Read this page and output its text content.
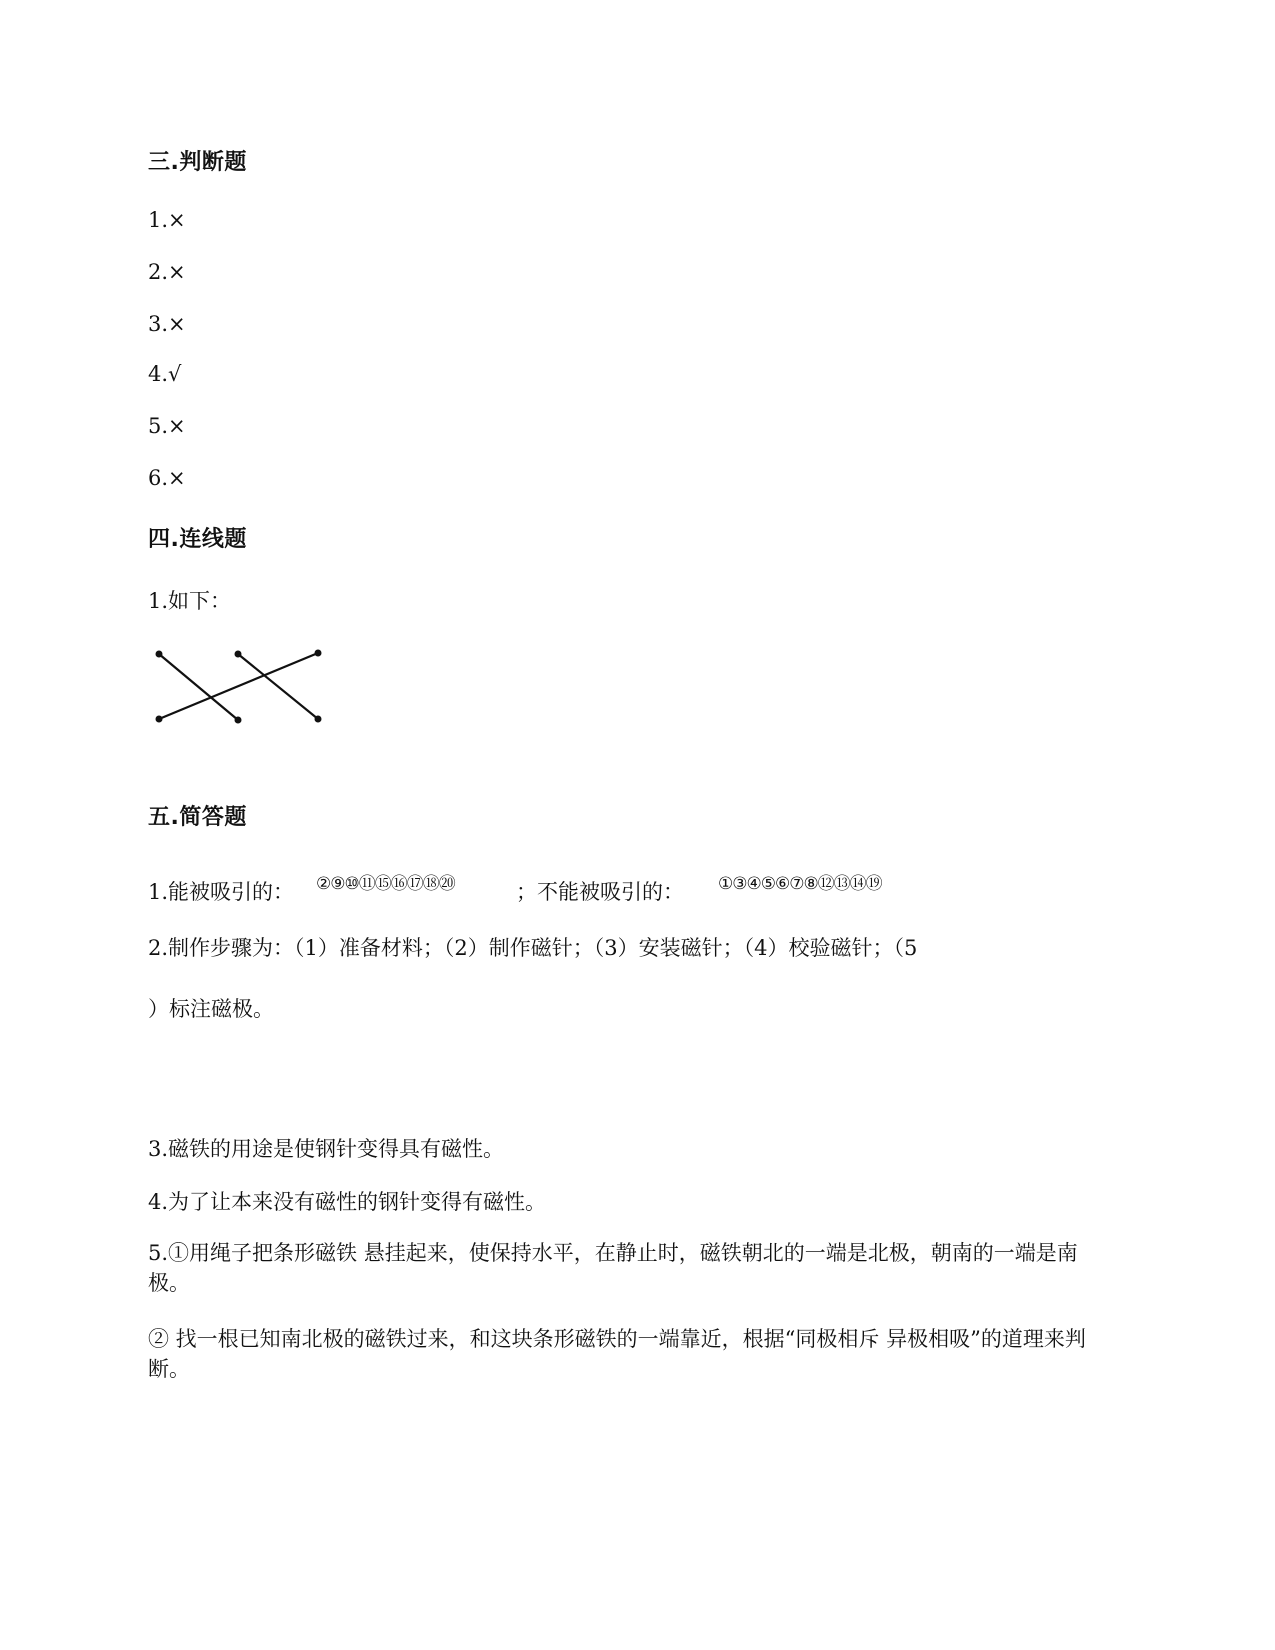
三.判断题
1.×
2.×
3.×
4.√
5.×
6.×
四.连线题
1.如下：
五.简答题
1.能被吸引的： ②⑨⑩⑪⑮⑯⑰⑱⑳	；不能被吸引的： ①③④⑤⑥⑦⑧⑫⑬⑭⑲
2.制作步骤为：（1）准备材料；（2）制作磁针；（3）安装磁针；（4）校验磁针；（5
）标注磁极。
3.磁铁的用途是使钢针变得具有磁性。
4.为了让本来没有磁性的钢针变得有磁性。
5.①用绳子把条形磁铁 悬挂起来，使保持水平，在静止时，磁铁朝北的一端是北极，朝南的一端是南极。
② 找一根已知南北极的磁铁过来，和这块条形磁铁的一端靠近，根据“同极相斥 异极相吸”的道理来判断。
